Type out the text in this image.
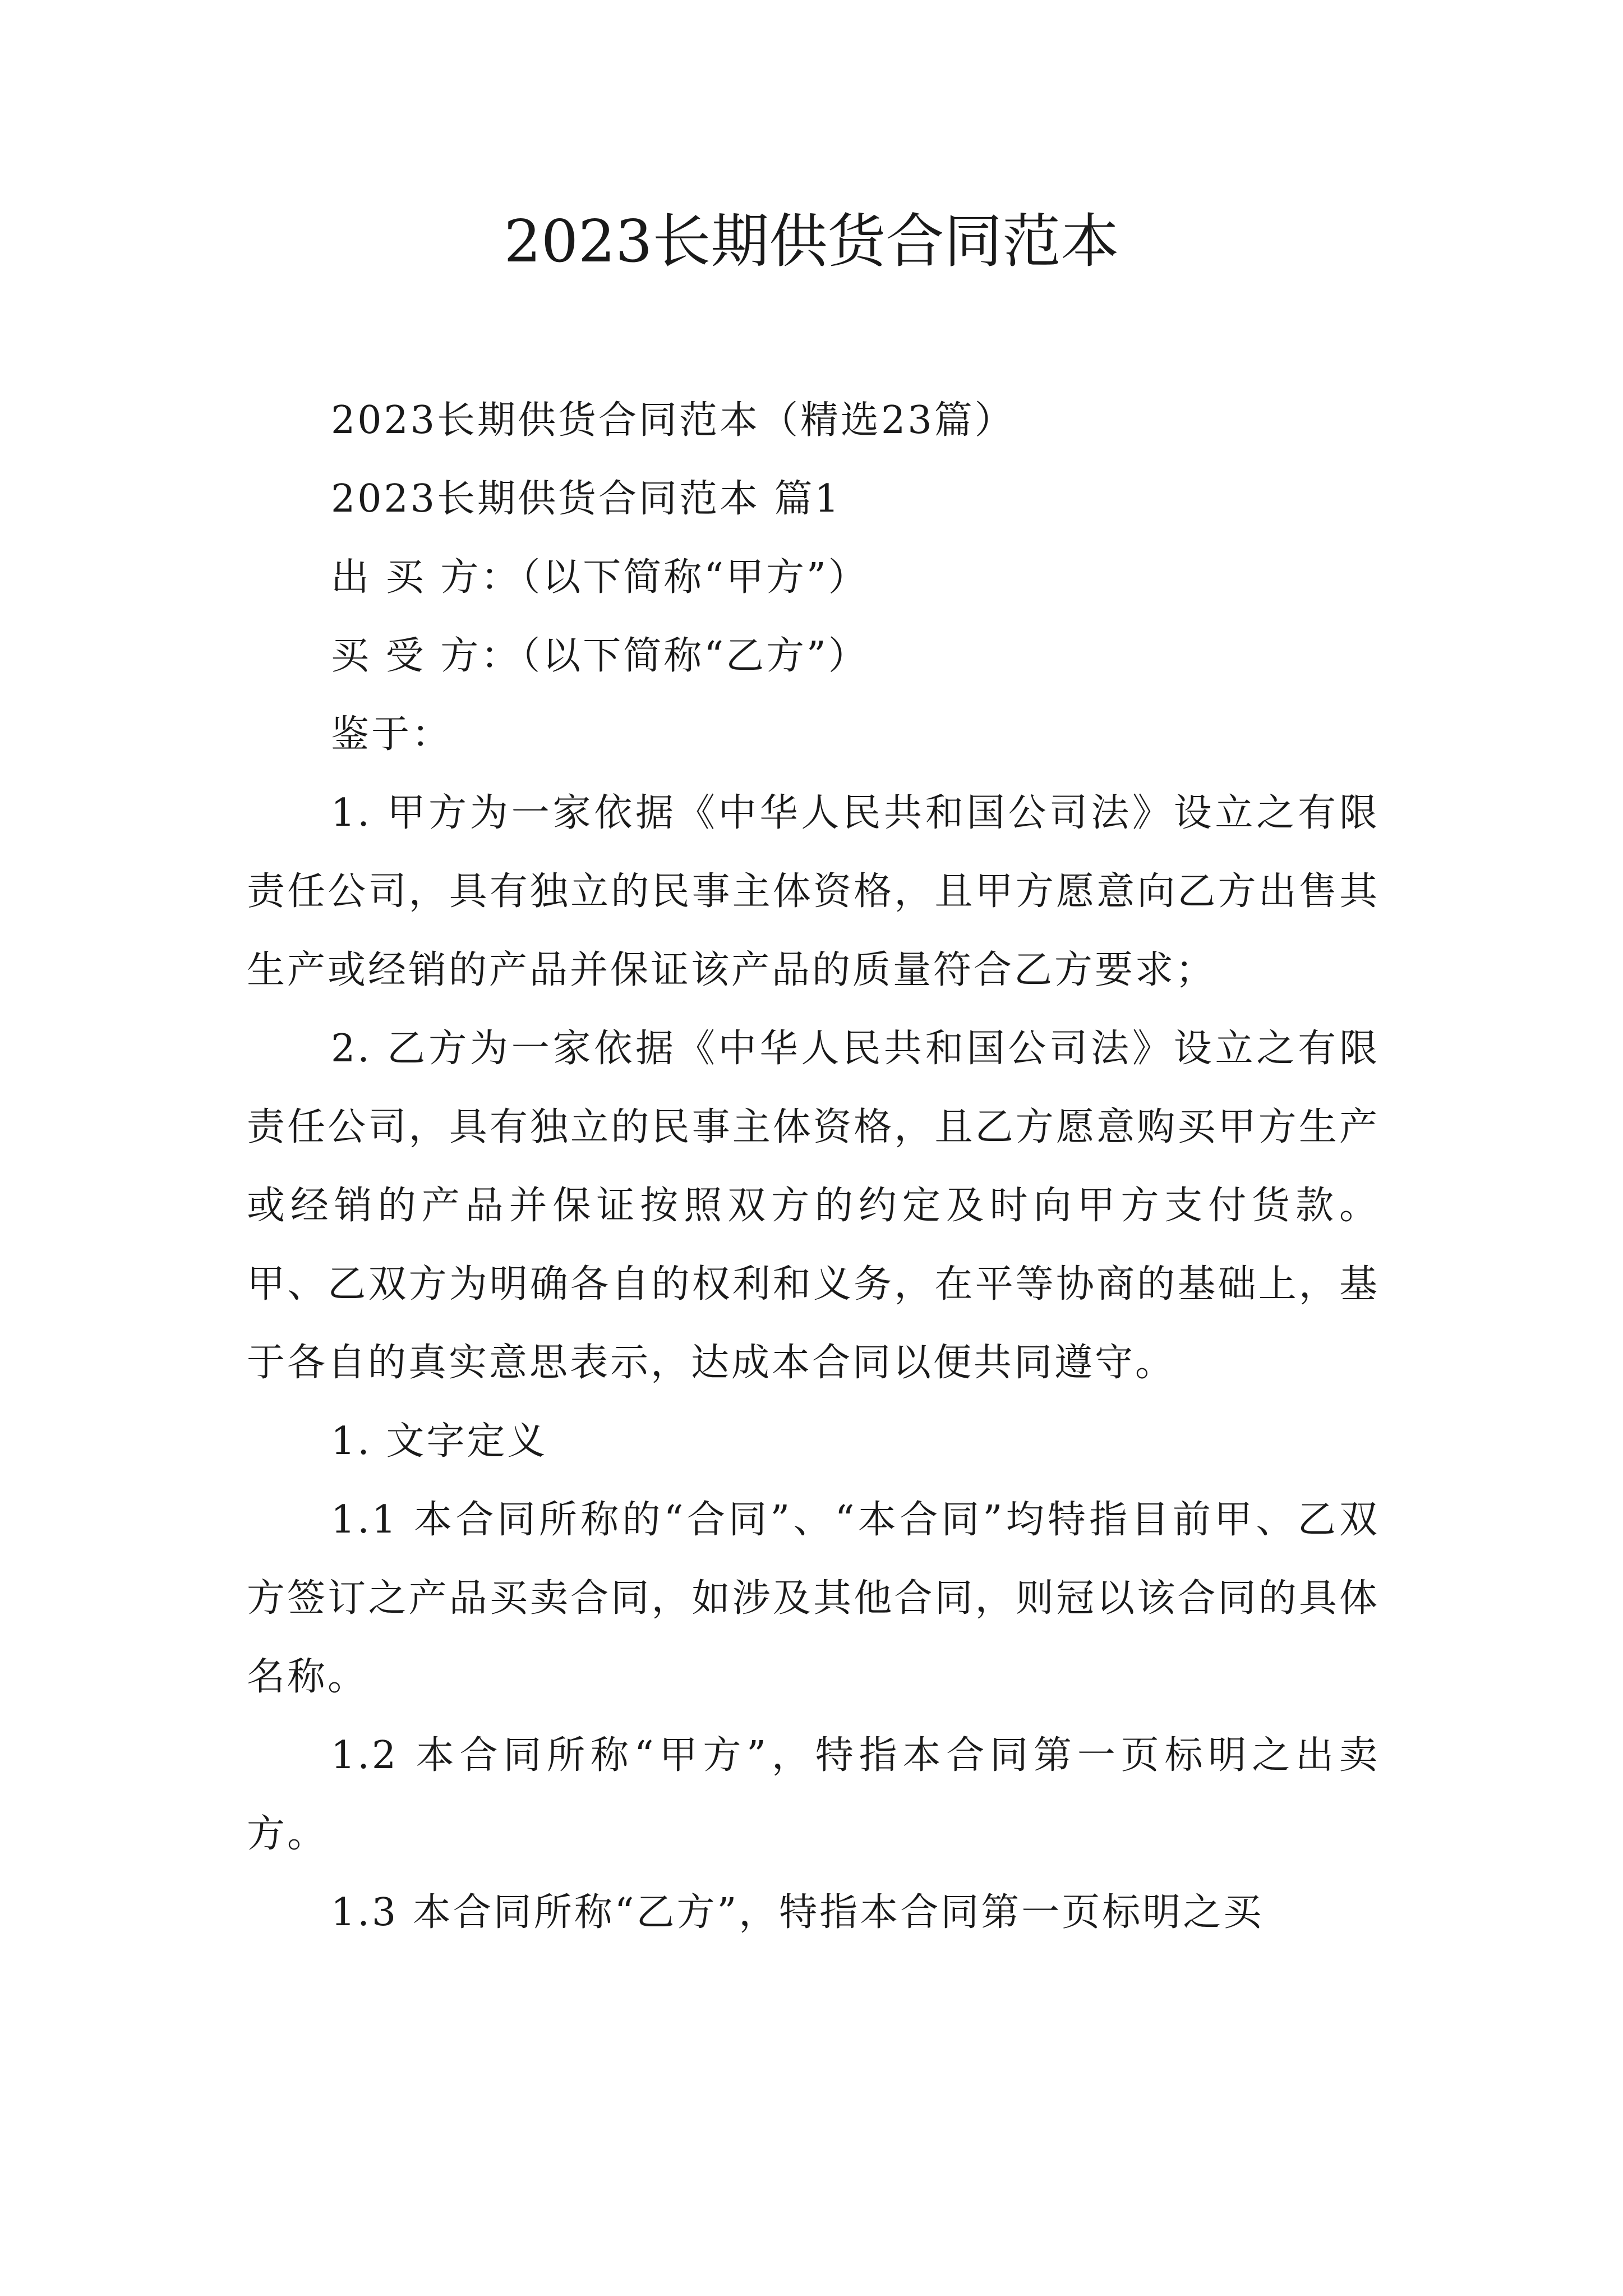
2023长期供货合同范本

2023长期供货合同范本（精选23篇）

2023长期供货合同范本 篇1

出 买 方：（以下简称“甲方”）

买 受 方：（以下简称“乙方”）

鉴于：

1. 甲方为一家依据《中华人民共和国公司法》设立之有限责任公司，具有独立的民事主体资格，且甲方愿意向乙方出售其生产或经销的产品并保证该产品的质量符合乙方要求；

2. 乙方为一家依据《中华人民共和国公司法》设立之有限责任公司，具有独立的民事主体资格，且乙方愿意购买甲方生产或经销的产品并保证按照双方的约定及时向甲方支付货款。 甲、乙双方为明确各自的权利和义务，在平等协商的基础上，基于各自的真实意思表示，达成本合同以便共同遵守。

1. 文字定义

1.1 本合同所称的“合同”、“本合同”均特指目前甲、乙双方签订之产品买卖合同，如涉及其他合同，则冠以该合同的具体名称。

1.2 本合同所称“甲方”，特指本合同第一页标明之出卖方。

1.3 本合同所称“乙方”，特指本合同第一页标明之买
